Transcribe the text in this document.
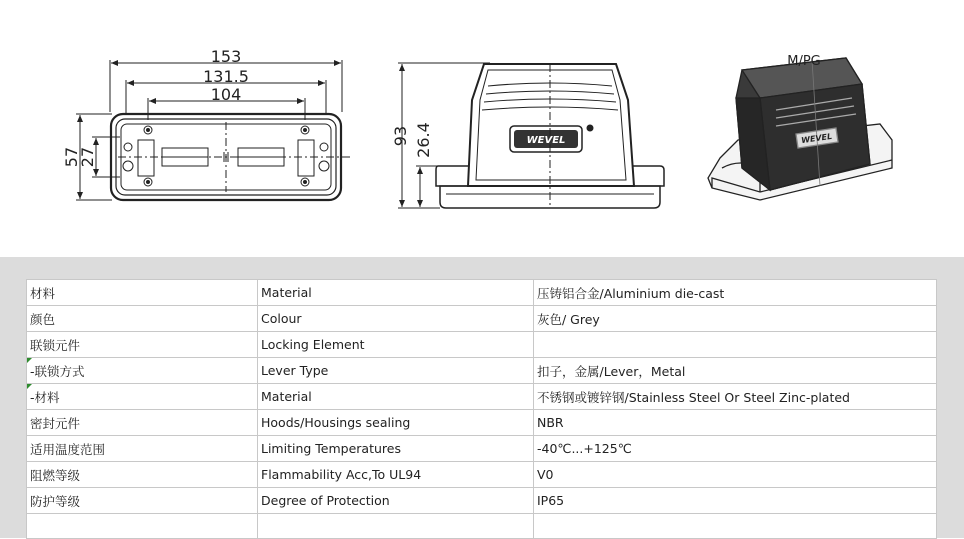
153
131.5
104
57
27
WEVEL
93 26.4	WEVEL
M/PG
材料	Material	压铸铝合金/Aluminium die-cast
颜色	Colour	灰色/ Grey
联锁元件	Locking Element	

-联锁方式	Lever Type	扣子，金属/Lever，Metal

-材料	Material	不锈钢或镀锌钢/Stainless Steel Or Steel Zinc-plated
密封元件	Hoods/Housings sealing	NBR
适用温度范围	Limiting Temperatures	-40℃...+125℃
阻燃等级	Flammability Acc,To UL94	V0
防护等级	Degree of Protection	IP65
